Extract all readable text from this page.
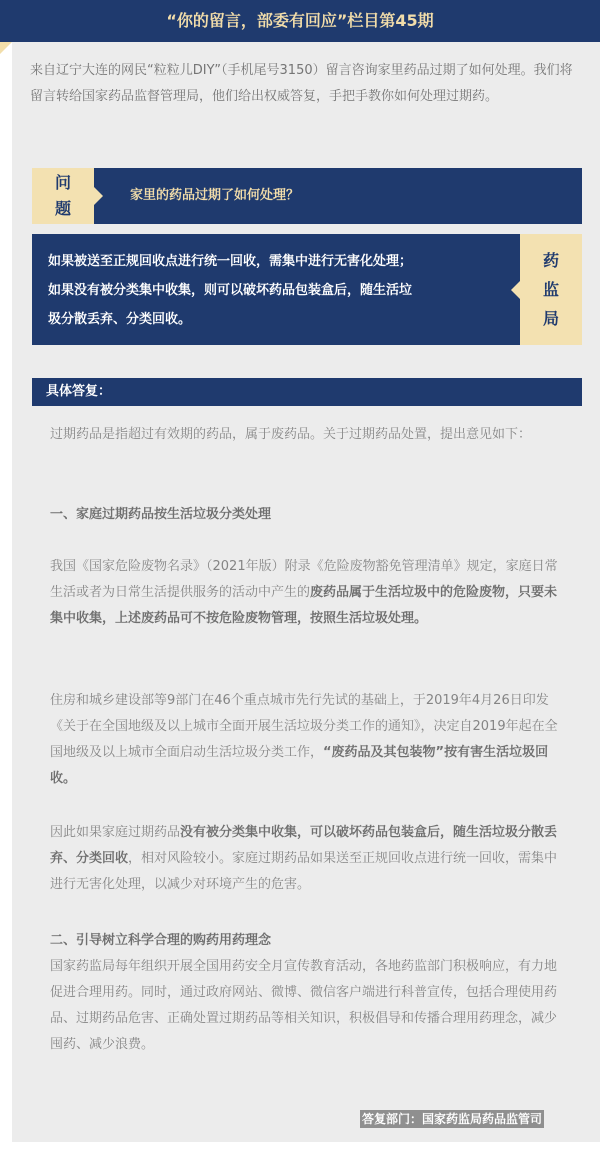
“你的留言，部委有回应”栏目第45期
来自辽宁大连的网民“粒粒儿DIY”（手机尾号3150）留言咨询家里药品过期了如何处理。我们将留言转给国家药品监督管理局，他们给出权威答复，手把手教你如何处理过期药。
问
题
家里的药品过期了如何处理？
如果被送至正规回收点进行统一回收，需集中进行无害化处理；
如果没有被分类集中收集，则可以破坏药品包装盒后，随生活垃
圾分散丢弃、分类回收。
药
监
局
具体答复：
过期药品是指超过有效期的药品，属于废药品。关于过期药品处置，提出意见如下：
一、家庭过期药品按生活垃圾分类处理
我国《国家危险废物名录》（2021年版）附录《危险废物豁免管理清单》规定，家庭日常生活或者为日常生活提供服务的活动中产生的废药品属于生活垃圾中的危险废物，只要未集中收集，上述废药品可不按危险废物管理，按照生活垃圾处理。
住房和城乡建设部等9部门在46个重点城市先行先试的基础上，于2019年4月26日印发《关于在全国地级及以上城市全面开展生活垃圾分类工作的通知》，决定自2019年起在全国地级及以上城市全面启动生活垃圾分类工作，“废药品及其包装物”按有害生活垃圾回收。
因此如果家庭过期药品没有被分类集中收集，可以破坏药品包装盒后，随生活垃圾分散丢弃、分类回收，相对风险较小。家庭过期药品如果送至正规回收点进行统一回收，需集中进行无害化处理，以减少对环境产生的危害。
二、引导树立科学合理的购药用药理念
国家药监局每年组织开展全国用药安全月宣传教育活动，各地药监部门积极响应，有力地促进合理用药。同时，通过政府网站、微博、微信客户端进行科普宣传，包括合理使用药品、过期药品危害、正确处置过期药品等相关知识，积极倡导和传播合理用药理念，减少囤药、减少浪费。
答复部门：国家药监局药品监管司
